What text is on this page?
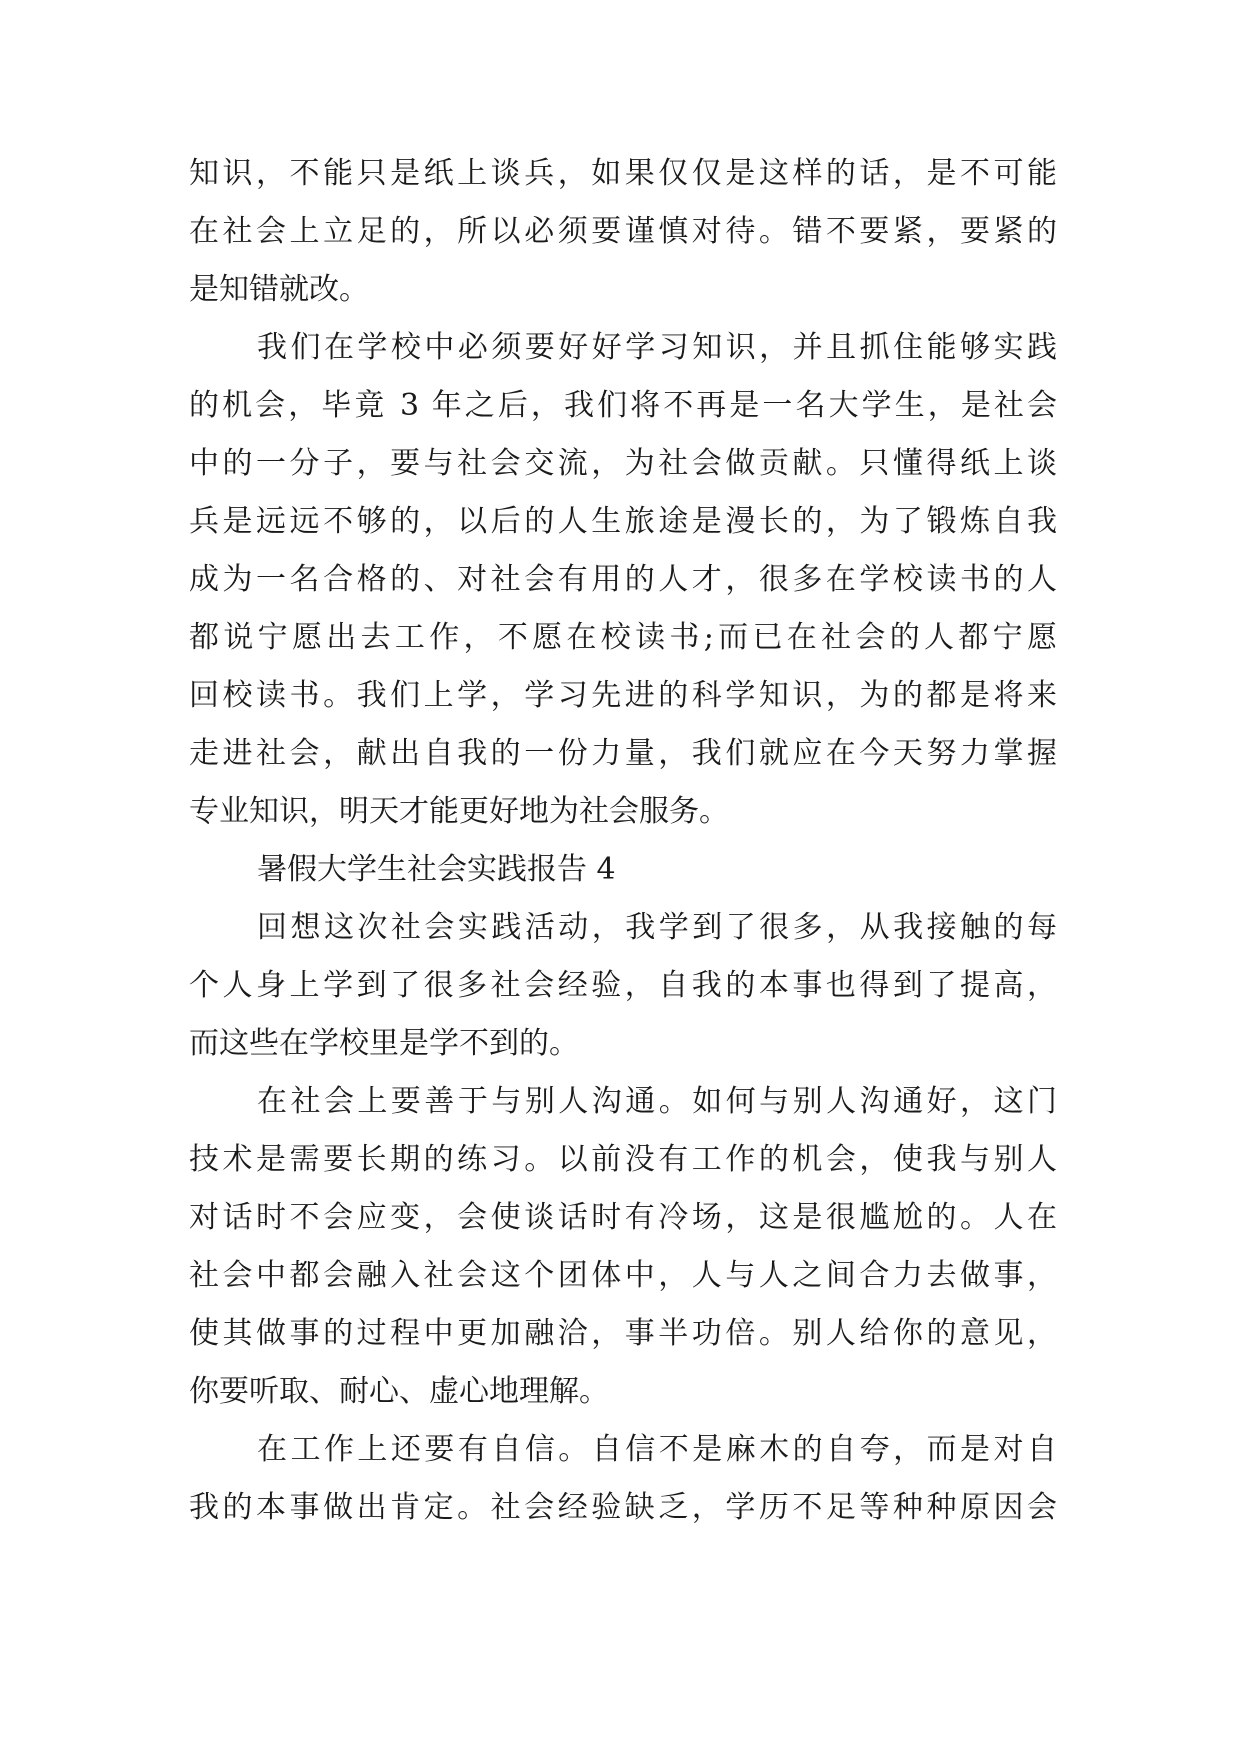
知识，不能只是纸上谈兵，如果仅仅是这样的话，是不可能
在社会上立足的，所以必须要谨慎对待。错不要紧，要紧的
是知错就改。
我们在学校中必须要好好学习知识，并且抓住能够实践
的机会，毕竟 3 年之后，我们将不再是一名大学生，是社会
中的一分子，要与社会交流，为社会做贡献。只懂得纸上谈
兵是远远不够的，以后的人生旅途是漫长的，为了锻炼自我
成为一名合格的、对社会有用的人才，很多在学校读书的人
都说宁愿出去工作，不愿在校读书;而已在社会的人都宁愿
回校读书。我们上学，学习先进的科学知识，为的都是将来
走进社会，献出自我的一份力量，我们就应在今天努力掌握
专业知识，明天才能更好地为社会服务。
暑假大学生社会实践报告 4
回想这次社会实践活动，我学到了很多，从我接触的每
个人身上学到了很多社会经验，自我的本事也得到了提高，
而这些在学校里是学不到的。
在社会上要善于与别人沟通。如何与别人沟通好，这门
技术是需要长期的练习。以前没有工作的机会，使我与别人
对话时不会应变，会使谈话时有冷场，这是很尴尬的。人在
社会中都会融入社会这个团体中，人与人之间合力去做事，
使其做事的过程中更加融洽，事半功倍。别人给你的意见，
你要听取、耐心、虚心地理解。
在工作上还要有自信。自信不是麻木的自夸，而是对自
我的本事做出肯定。社会经验缺乏，学历不足等种种原因会
